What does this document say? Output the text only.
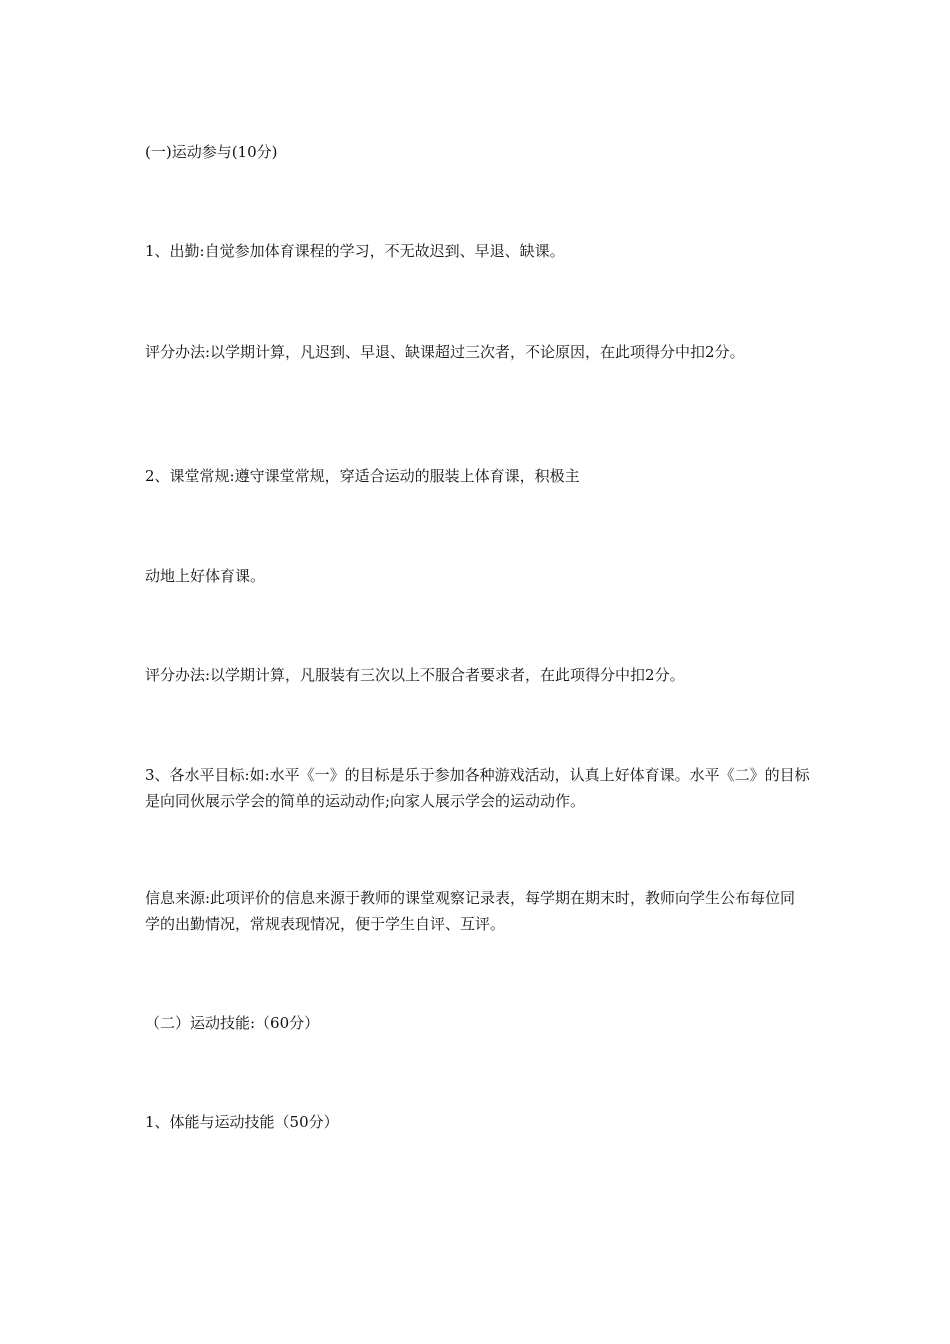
(一)运动参与(10分)

1、出勤:自觉参加体育课程的学习，不无故迟到、早退、缺课。

评分办法:以学期计算，凡迟到、早退、缺课超过三次者，不论原因，在此项得分中扣2分。

2、课堂常规:遵守课堂常规，穿适合运动的服装上体育课，积极主

动地上好体育课。

评分办法:以学期计算，凡服装有三次以上不服合者要求者，在此项得分中扣2分。

3、各水平目标:如:水平《一》的目标是乐于参加各种游戏活动，认真上好体育课。水平《二》的目标是向同伙展示学会的简单的运动动作;向家人展示学会的运动动作。

信息来源:此项评价的信息来源于教师的课堂观察记录表，每学期在期末时，教师向学生公布每位同学的出勤情况，常规表现情况，便于学生自评、互评。

（二）运动技能:（60分）

1、体能与运动技能（50分）
